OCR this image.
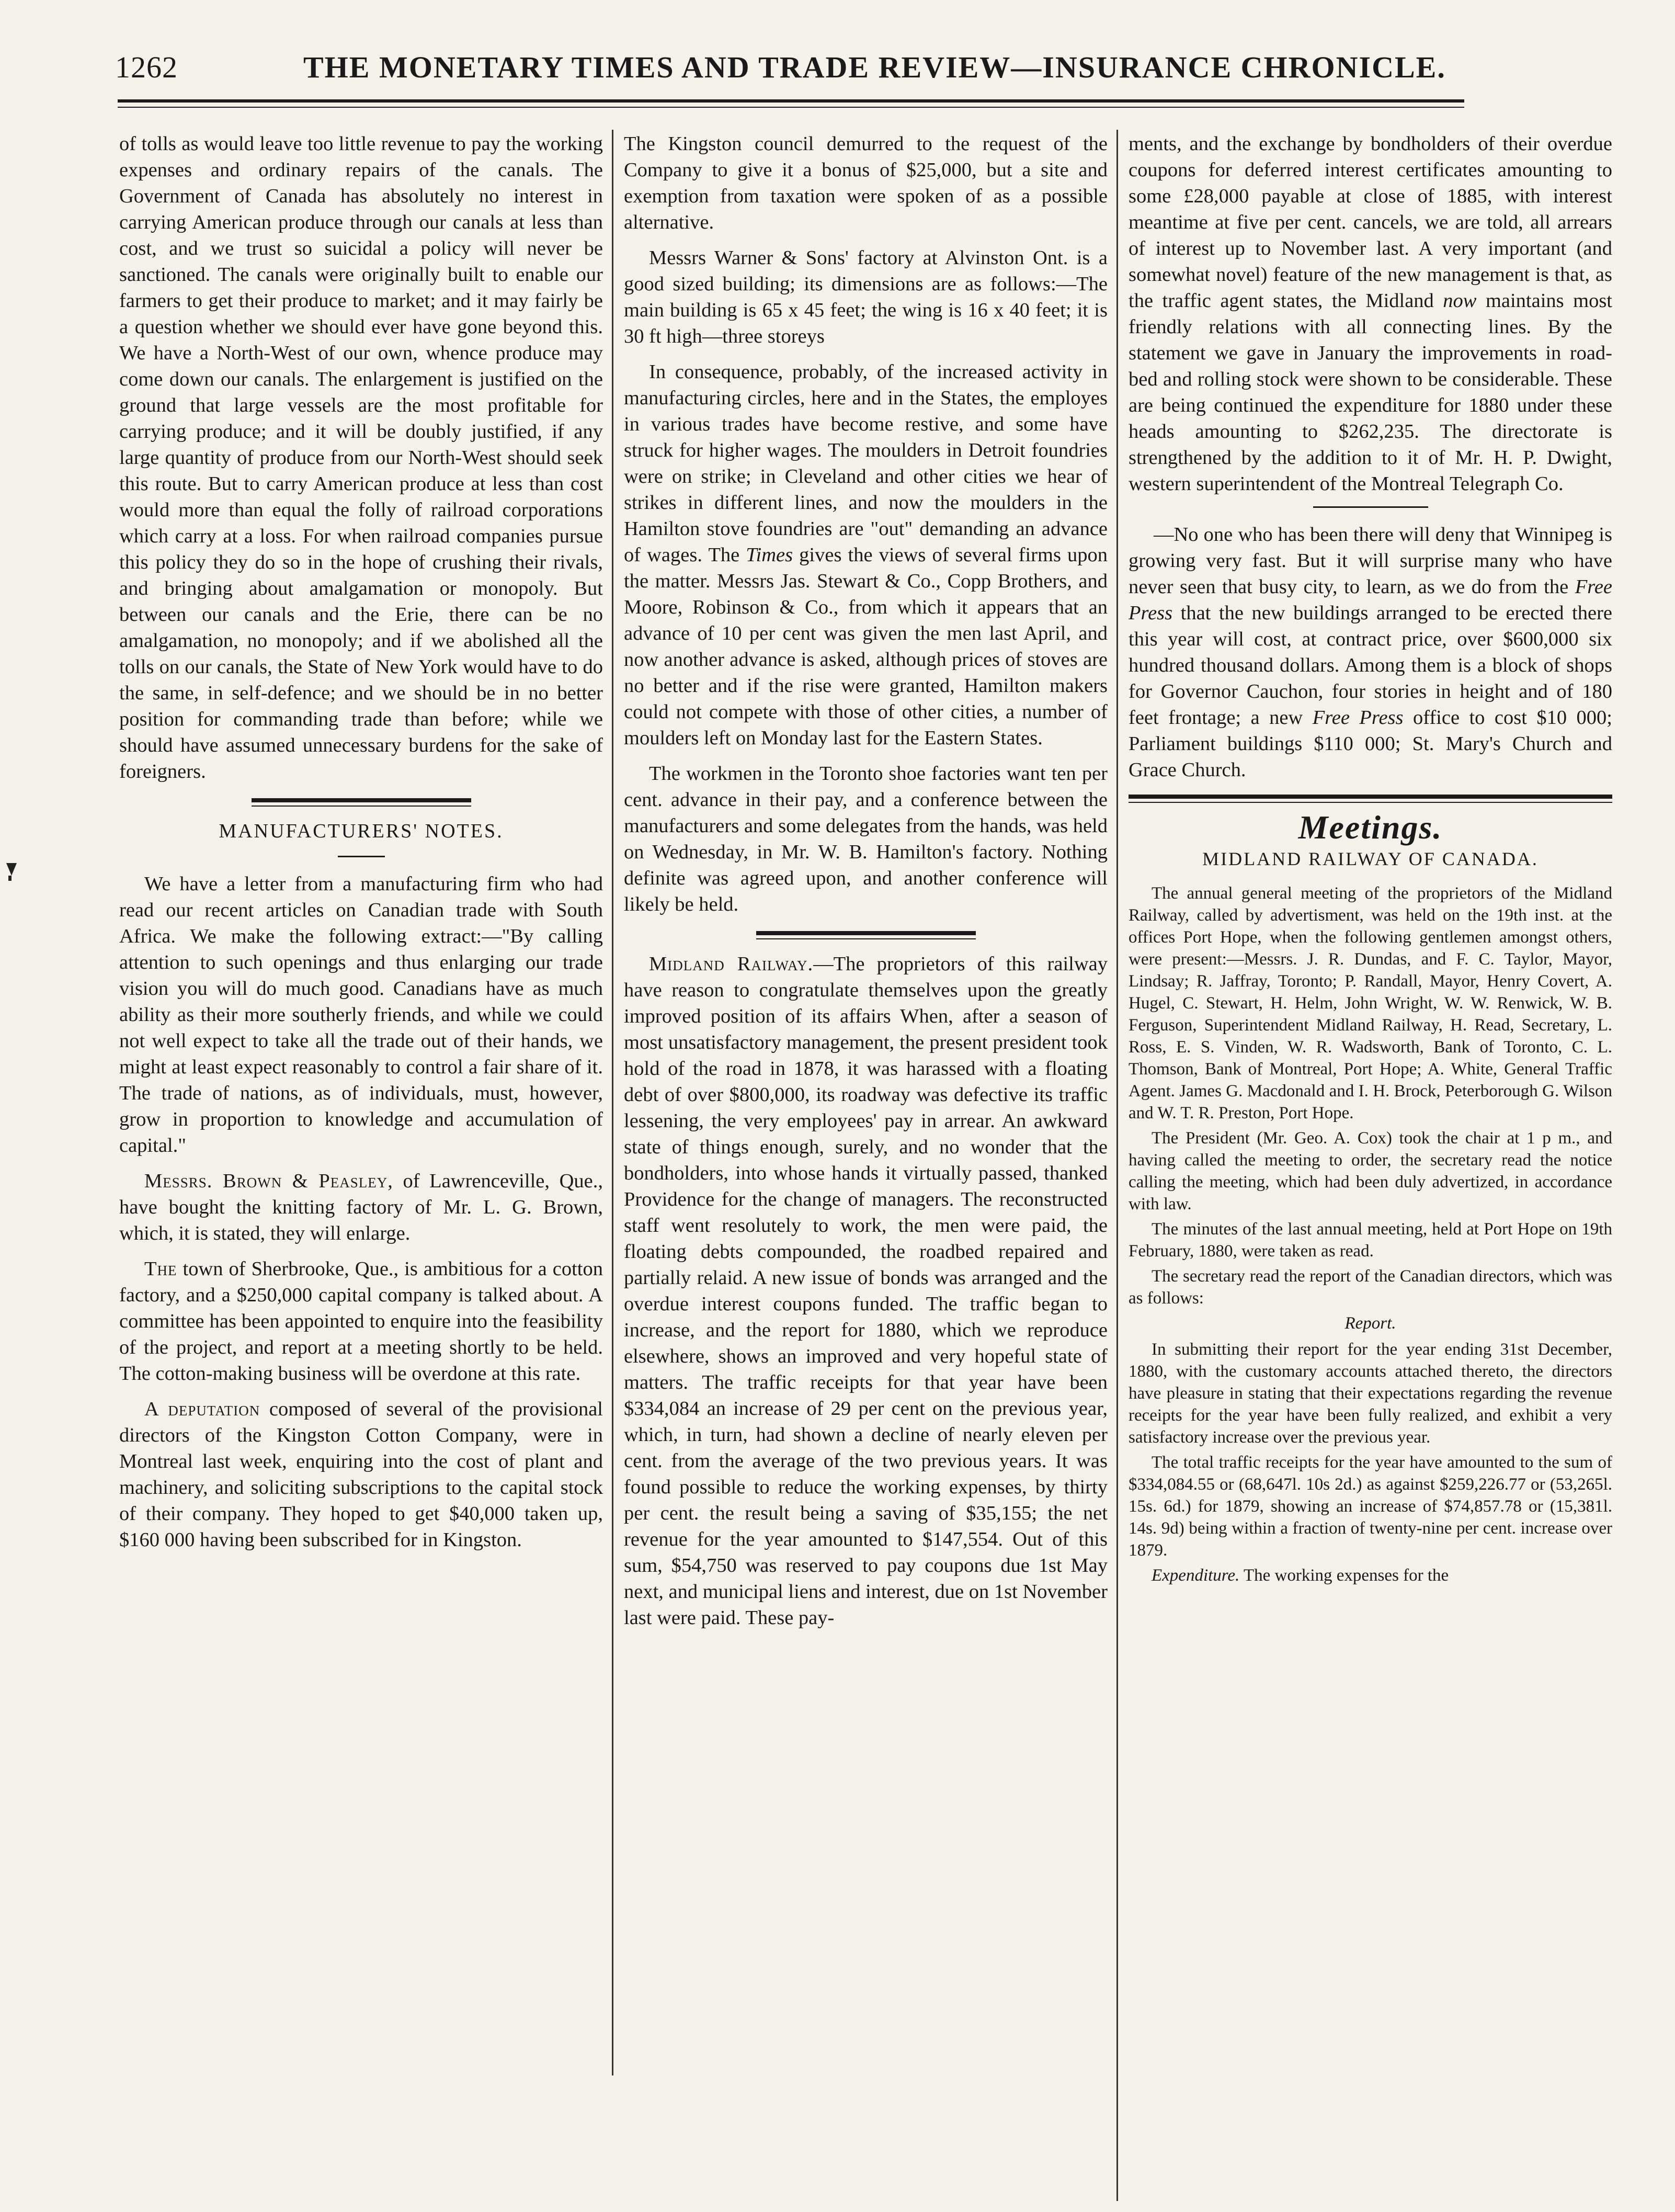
1262	THE MONETARY TIMES AND TRADE REVIEW—INSURANCE CHRONICLE.

of tolls as would leave too little revenue to pay the working expenses and ordinary repairs of the canals. The Government of Canada has absolutely no interest in carrying American produce through our canals at less than cost, and we trust so suicidal a policy will never be sanctioned. The canals were originally built to enable our farmers to get their produce to market; and it may fairly be a question whether we should ever have gone beyond this. We have a North-West of our own, whence produce may come down our canals. The enlargement is justified on the ground that large vessels are the most profitable for carrying produce; and it will be doubly justified, if any large quantity of produce from our North-West should seek this route. But to carry American produce at less than cost would more than equal the folly of railroad corporations which carry at a loss. For when railroad companies pursue this policy they do so in the hope of crushing their rivals, and bringing about amalgamation or monopoly. But between our canals and the Erie, there can be no amalgamation, no monopoly; and if we abolished all the tolls on our canals, the State of New York would have to do the same, in self-defence; and we should be in no better position for commanding trade than before; while we should have assumed unnecessary burdens for the sake of foreigners.

MANUFACTURERS' NOTES.

We have a letter from a manufacturing firm who had read our recent articles on Canadian trade with South Africa. We make the following extract:—"By calling attention to such openings and thus enlarging our trade vision you will do much good. Canadians have as much ability as their more southerly friends, and while we could not well expect to take all the trade out of their hands, we might at least expect reasonably to control a fair share of it. The trade of nations, as of individuals, must, however, grow in proportion to knowledge and accumulation of capital."

Messrs. Brown & Peasley, of Lawrenceville, Que., have bought the knitting factory of Mr. L. G. Brown, which, it is stated, they will enlarge.

The town of Sherbrooke, Que., is ambitious for a cotton factory, and a $250,000 capital company is talked about. A committee has been appointed to enquire into the feasibility of the project, and report at a meeting shortly to be held. The cotton-making business will be overdone at this rate.

A deputation composed of several of the provisional directors of the Kingston Cotton Company, were in Montreal last week, enquiring into the cost of plant and machinery, and soliciting subscriptions to the capital stock of their company. They hoped to get $40,000 taken up, $160 000 having been subscribed for in Kingston.

The Kingston council demurred to the request of the Company to give it a bonus of $25,000, but a site and exemption from taxation were spoken of as a possible alternative.

Messrs Warner & Sons' factory at Alvinston Ont. is a good sized building; its dimensions are as follows:—The main building is 65 x 45 feet; the wing is 16 x 40 feet; it is 30 ft high—three storeys

In consequence, probably, of the increased activity in manufacturing circles, here and in the States, the employes in various trades have become restive, and some have struck for higher wages. The moulders in Detroit foundries were on strike; in Cleveland and other cities we hear of strikes in different lines, and now the moulders in the Hamilton stove foundries are "out" demanding an advance of wages. The Times gives the views of several firms upon the matter. Messrs Jas. Stewart & Co., Copp Brothers, and Moore, Robinson & Co., from which it appears that an advance of 10 per cent was given the men last April, and now another advance is asked, although prices of stoves are no better and if the rise were granted, Hamilton makers could not compete with those of other cities, a number of moulders left on Monday last for the Eastern States.

The workmen in the Toronto shoe factories want ten per cent. advance in their pay, and a conference between the manufacturers and some delegates from the hands, was held on Wednesday, in Mr. W. B. Hamilton's factory. Nothing definite was agreed upon, and another conference will likely be held.

Midland Railway.—The proprietors of this railway have reason to congratulate themselves upon the greatly improved position of its affairs When, after a season of most unsatisfactory management, the present president took hold of the road in 1878, it was harassed with a floating debt of over $800,000, its roadway was defective its traffic lessening, the very employees' pay in arrear. An awkward state of things enough, surely, and no wonder that the bondholders, into whose hands it virtually passed, thanked Providence for the change of managers. The reconstructed staff went resolutely to work, the men were paid, the floating debts compounded, the roadbed repaired and partially relaid. A new issue of bonds was arranged and the overdue interest coupons funded. The traffic began to increase, and the report for 1880, which we reproduce elsewhere, shows an improved and very hopeful state of matters. The traffic receipts for that year have been $334,084 an increase of 29 per cent on the previous year, which, in turn, had shown a decline of nearly eleven per cent. from the average of the two previous years. It was found possible to reduce the working expenses, by thirty per cent. the result being a saving of $35,155; the net revenue for the year amounted to $147,554. Out of this sum, $54,750 was reserved to pay coupons due 1st May next, and municipal liens and interest, due on 1st November last were paid. These pay-

ments, and the exchange by bondholders of their overdue coupons for deferred interest certificates amounting to some £28,000 payable at close of 1885, with interest meantime at five per cent. cancels, we are told, all arrears of interest up to November last. A very important (and somewhat novel) feature of the new management is that, as the traffic agent states, the Midland now maintains most friendly relations with all connecting lines. By the statement we gave in January the improvements in road-bed and rolling stock were shown to be considerable. These are being continued the expenditure for 1880 under these heads amounting to $262,235. The directorate is strengthened by the addition to it of Mr. H. P. Dwight, western superintendent of the Montreal Telegraph Co.

—No one who has been there will deny that Winnipeg is growing very fast. But it will surprise many who have never seen that busy city, to learn, as we do from the Free Press that the new buildings arranged to be erected there this year will cost, at contract price, over $600,000 six hundred thousand dollars. Among them is a block of shops for Governor Cauchon, four stories in height and of 180 feet frontage; a new Free Press office to cost $10 000; Parliament buildings $110 000; St. Mary's Church and Grace Church.

Meetings.
MIDLAND RAILWAY OF CANADA.

The annual general meeting of the proprietors of the Midland Railway, called by advertisment, was held on the 19th inst. at the offices Port Hope, when the following gentlemen amongst others, were present:—Messrs. J. R. Dundas, and F. C. Taylor, Mayor, Lindsay; R. Jaffray, Toronto; P. Randall, Mayor, Henry Covert, A. Hugel, C. Stewart, H. Helm, John Wright, W. W. Renwick, W. B. Ferguson, Superintendent Midland Railway, H. Read, Secretary, L. Ross, E. S. Vinden, W. R. Wadsworth, Bank of Toronto, C. L. Thomson, Bank of Montreal, Port Hope; A. White, General Traffic Agent. James G. Macdonald and I. H. Brock, Peterborough G. Wilson and W. T. R. Preston, Port Hope.

The President (Mr. Geo. A. Cox) took the chair at 1 p m., and having called the meeting to order, the secretary read the notice calling the meeting, which had been duly advertized, in accordance with law.

The minutes of the last annual meeting, held at Port Hope on 19th February, 1880, were taken as read.

The secretary read the report of the Canadian directors, which was as follows:

Report.

In submitting their report for the year ending 31st December, 1880, with the customary accounts attached thereto, the directors have pleasure in stating that their expectations regarding the revenue receipts for the year have been fully realized, and exhibit a very satisfactory increase over the previous year.

The total traffic receipts for the year have amounted to the sum of $334,084.55 or (68,647l. 10s 2d.) as against $259,226.77 or (53,265l. 15s. 6d.) for 1879, showing an increase of $74,857.78 or (15,381l. 14s. 9d) being within a fraction of twenty-nine per cent. increase over 1879.

Expenditure. The working expenses for the
